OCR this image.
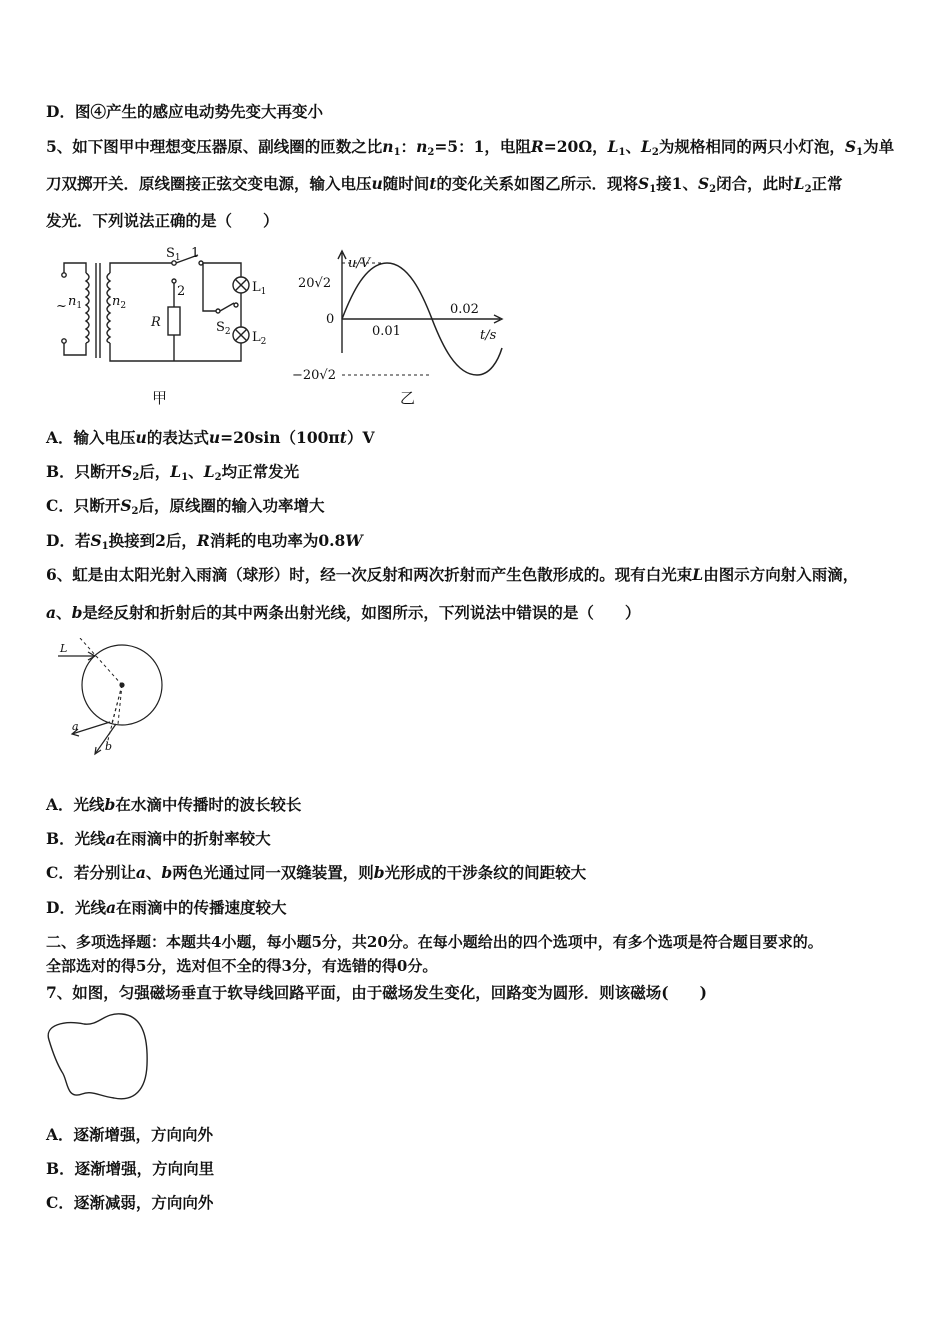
D．图④产生的感应电动势先变大再变小
5、如下图甲中理想变压器原、副线圈的匝数之比$n_1$：$n_2=5$：1，电阻R=20Ω，$L_1$、$L_2$为规格相同的两只小灯泡，$S_1$为单
刀双掷开关．原线圈接正弦交变电源，输入电压u随时间t的变化关系如图乙所示．现将$S_1$接1、$S_2$闭合，此时$L_2$正常
发光．下列说法正确的是（　　）
~ $n_1$ $n_2$
$S_1$ 1
2
R	$S_2$
$L_1$
$L_2$
甲
u/V
20√2
0
0.01
0.02
t/s
−20√2
乙
A．输入电压u的表达式u=20sin（100πt）V
B．只断开$S_2$后，$L_1$、$L_2$均正常发光
C．只断开$S_2$后，原线圈的输入功率增大
D．若$S_1$换接到2后，R消耗的电功率为0.8W
6、虹是由太阳光射入雨滴（球形）时，经一次反射和两次折射而产生色散形成的。现有白光束L由图示方向射入雨滴，
a、b是经反射和折射后的其中两条出射光线，如图所示，下列说法中错误的是（　　）
L
a
b
A．光线b在水滴中传播时的波长较长
B．光线a在雨滴中的折射率较大
C．若分别让a、b两色光通过同一双缝装置，则b光形成的干涉条纹的间距较大
D．光线a在雨滴中的传播速度较大
二、多项选择题：本题共4小题，每小题5分，共20分。在每小题给出的四个选项中，有多个选项是符合题目要求的。
全部选对的得5分，选对但不全的得3分，有选错的得0分。
7、如图，匀强磁场垂直于软导线回路平面，由于磁场发生变化，回路变为圆形．则该磁场(　　)
A．逐渐增强，方向向外
B．逐渐增强，方向向里
C．逐渐减弱，方向向外
